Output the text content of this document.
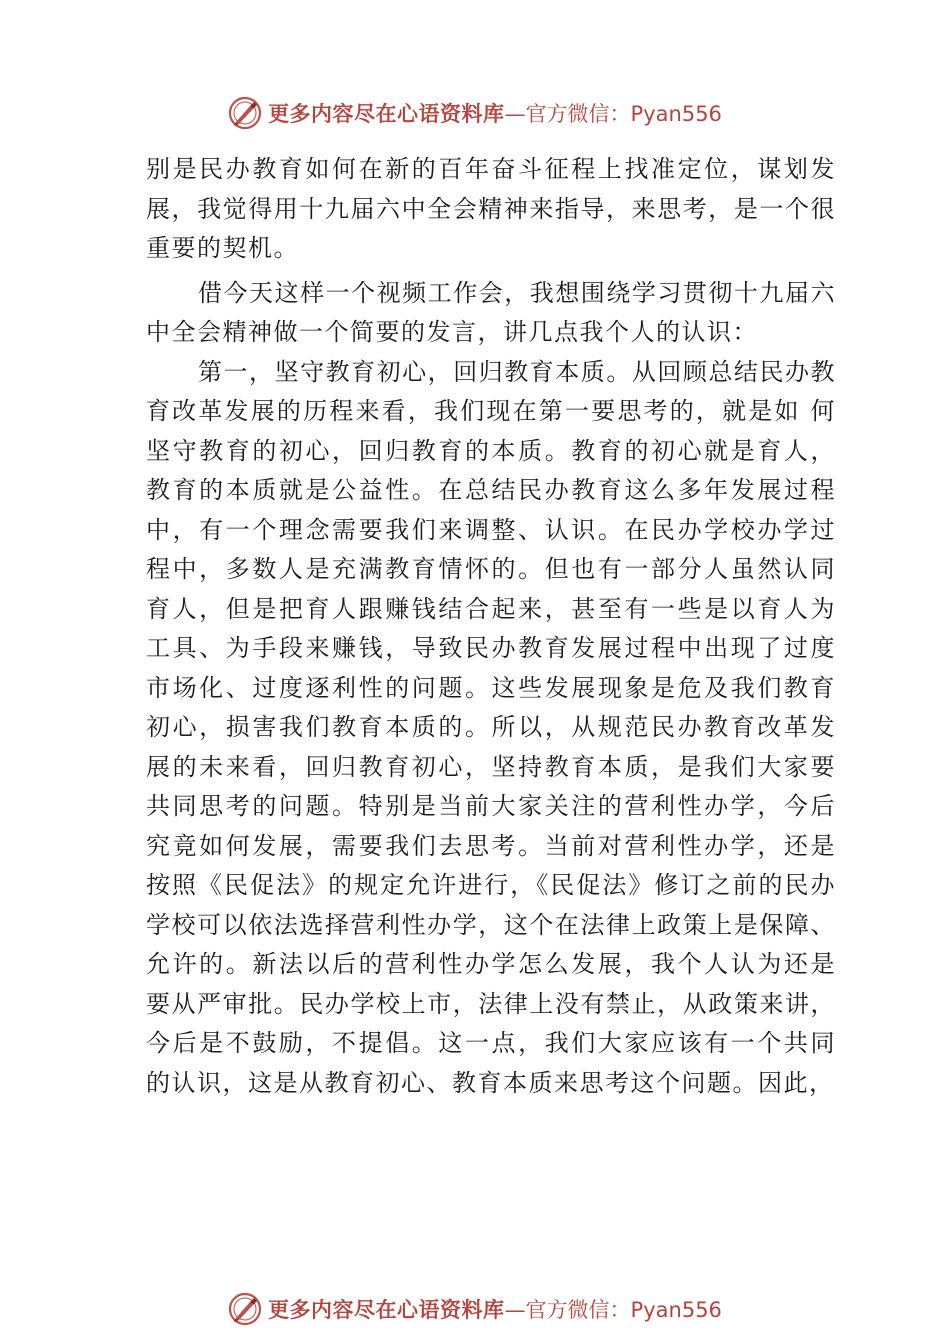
更多内容尽在心语资料库 —官方微信：Pyan556

别是民办教育如何在新的百年奋斗征程上找准定位，谋划发展，我觉得用十九届六中全会精神来指导，来思考，是一个很重要的契机。

借今天这样一个视频工作会，我想围绕学习贯彻十九届六中全会精神做一个简要的发言，讲几点我个人的认识：

第一，坚守教育初心，回归教育本质。从回顾总结民办教育改革发展的历程来看，我们现在第一要思考的，就是如 何坚守教育的初心，回归教育的本质。教育的初心就是育人， 教育的本质就是公益性。在总结民办教育这么多年发展过程 中，有一个理念需要我们来调整、认识。在民办学校办学过 程中，多数人是充满教育情怀的。但也有一部分人虽然认同 育人，但是把育人跟赚钱结合起来，甚至有一些是以育人为 工具、为手段来赚钱，导致民办教育发展过程中出现了过度 市场化、过度逐利性的问题。这些发展现象是危及我们教育 初心，损害我们教育本质的。所以，从规范民办教育改革发 展的未来看，回归教育初心，坚持教育本质，是我们大家要 共同思考的问题。特别是当前大家关注的营利性办学，今后 究竟如何发展，需要我们去思考。当前对营利性办学，还是 按照《民促法》的规定允许进行，《民促法》修订之前的民办 学校可以依法选择营利性办学，这个在法律上政策上是保障、允许的。新法以后的营利性办学怎么发展，我个人认为还是 要从严审批。民办学校上市，法律上没有禁止，从政策来讲， 今后是不鼓励，不提倡。这一点，我们大家应该有一个共同 的认识，这是从教育初心、教育本质来思考这个问题。因此，

更多内容尽在心语资料库 —官方微信：Pyan556
